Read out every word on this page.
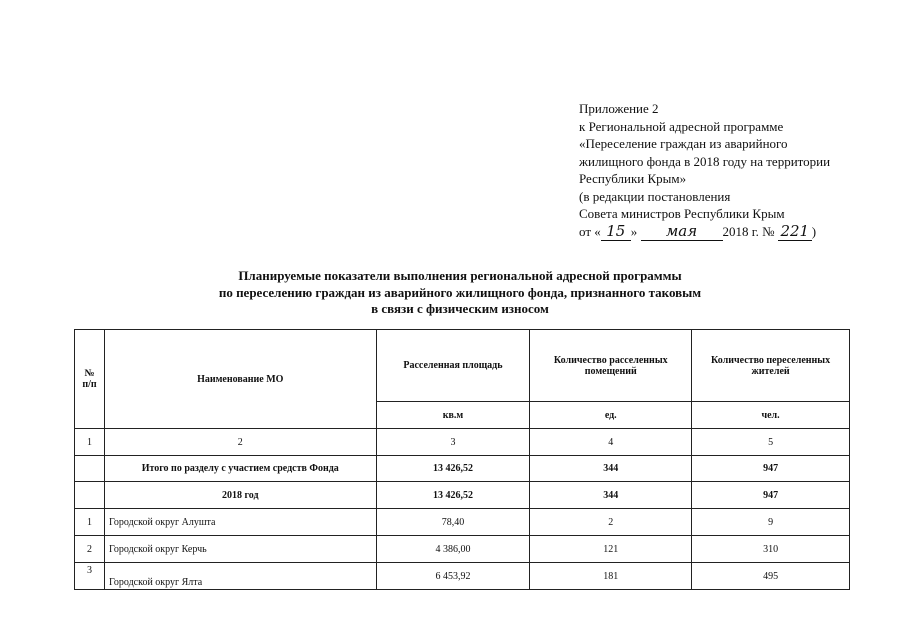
Приложение 2
к Региональной адресной программе
«Переселение граждан из аварийного
жилищного фонда в 2018 году на территории
Республики Крым»
(в редакции постановления
Совета министров Республики Крым
от « 15 » мая 2018 г. № 221 )
Планируемые показатели выполнения региональной адресной программы
по переселению граждан из аварийного жилищного фонда, признанного таковым
в связи с физическим износом
№ п/п	Наименование МО	Расселенная площадь	Количество расселенных помещений	Количество переселенных жителей
		кв.м	ед.	чел.
1	2	3	4	5
	Итого по разделу с участием средств Фонда	13 426,52	344	947
	2018 год	13 426,52	344	947
1	Городской округ Алушта	78,40	2	9
2	Городской округ Керчь	4 386,00	121	310
3	Городской округ Ялта	6 453,92	181	495
